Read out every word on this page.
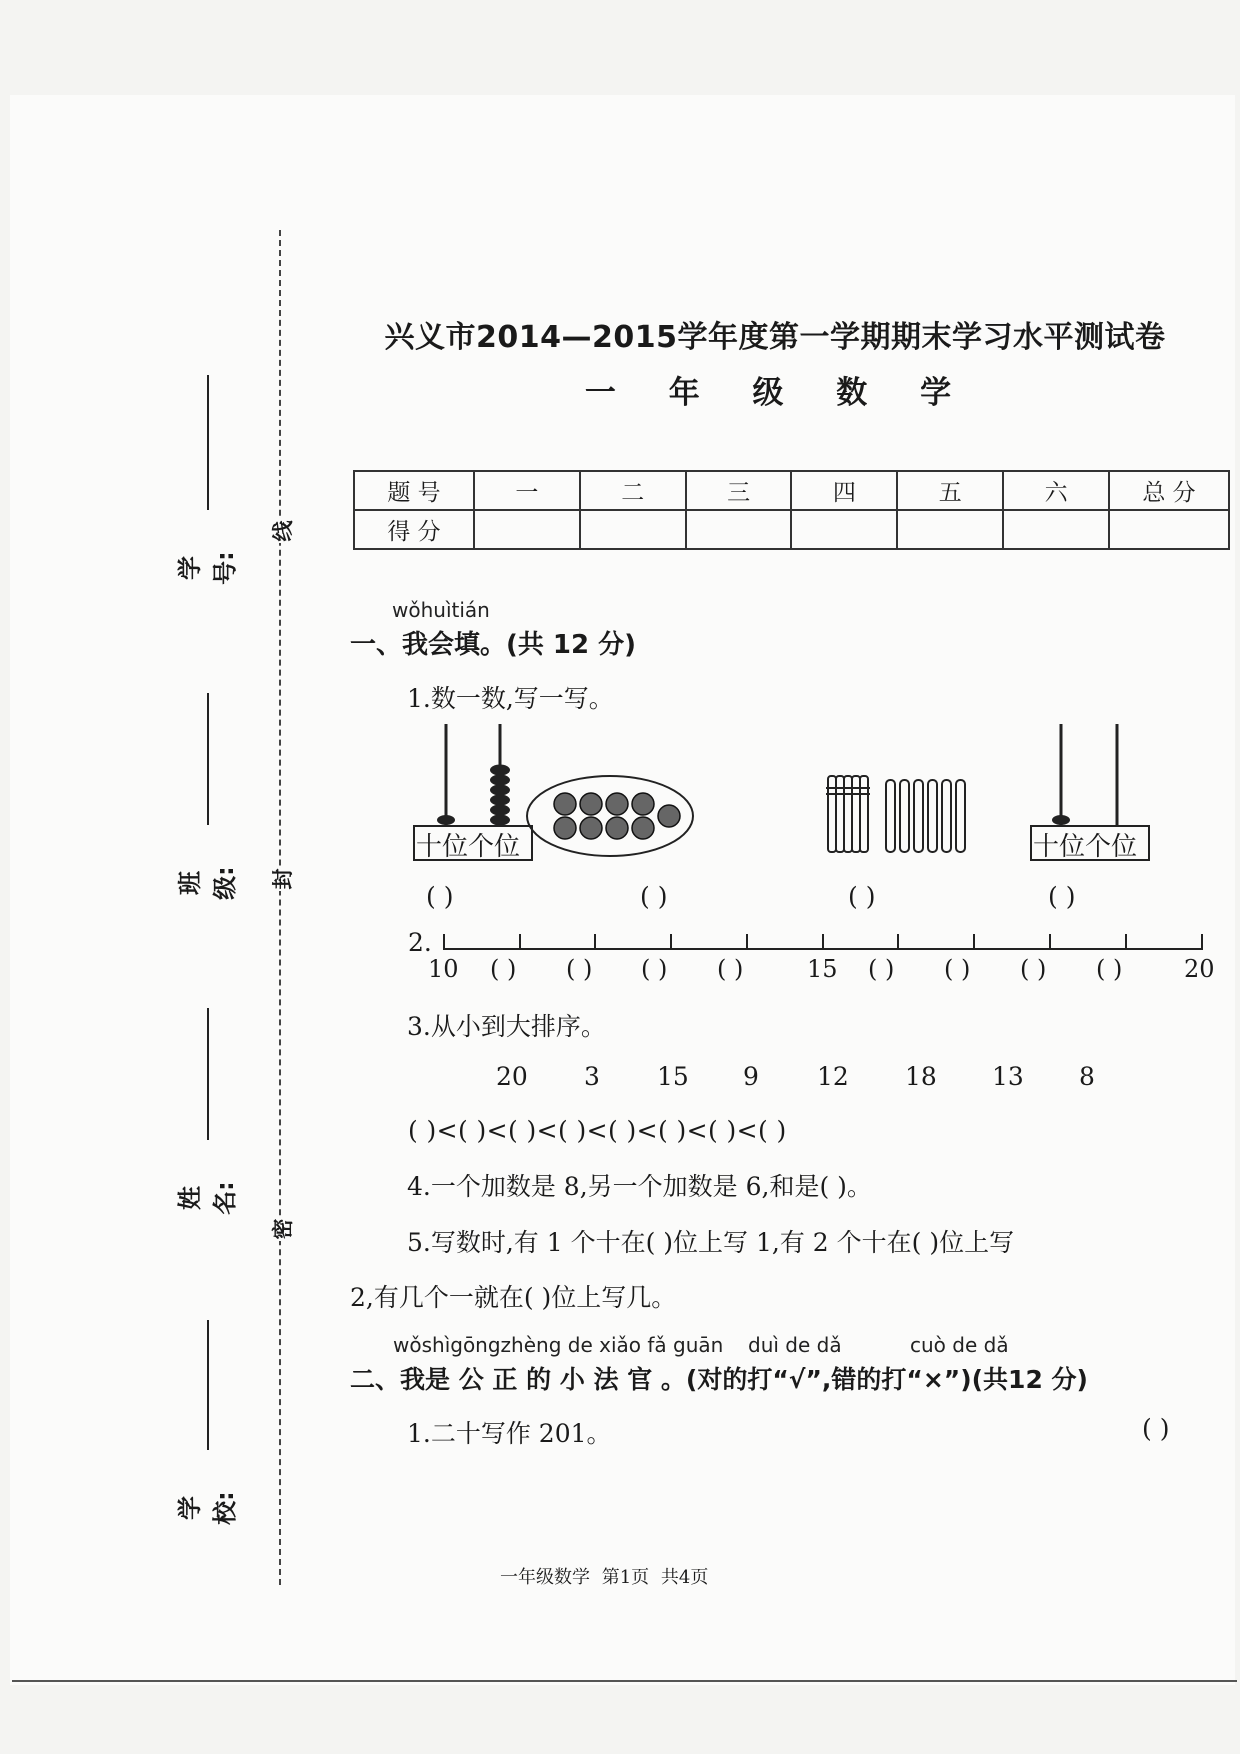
线
封
密
学号:
班级:
姓名:
学校:
兴义市2014—2015学年度第一学期期末学习水平测试卷
一 年 级 数 学
题 号	一	二	三	四	五	六	总 分
得 分							
wǒhuìtián
一、我会填。(共 12 分)
1.数一数,写一写。
十位个位	十位个位
( )	( )	( )	( )
2.
10 ( ) ( ) ( ) ( )	15 ( ) ( ) ( ) ( )	20
3.从小到大排序。
20 3 15 9 12 18 13 8
( )<( )<( )<( )<( )<( )<( )<( )
4.一个加数是 8,另一个加数是 6,和是( )。
5.写数时,有 1 个十在( )位上写 1,有 2 个十在( )位上写
2,有几个一就在( )位上写几。
wǒshìgōngzhèng de xiǎo fǎ guān duì de dǎ	cuò de dǎ
二、我是 公 正 的 小 法 官 。(对的打“√”,错的打“×”)(共12 分)
1.二十写作 201。	( )
一年级数学 第1页 共4页
